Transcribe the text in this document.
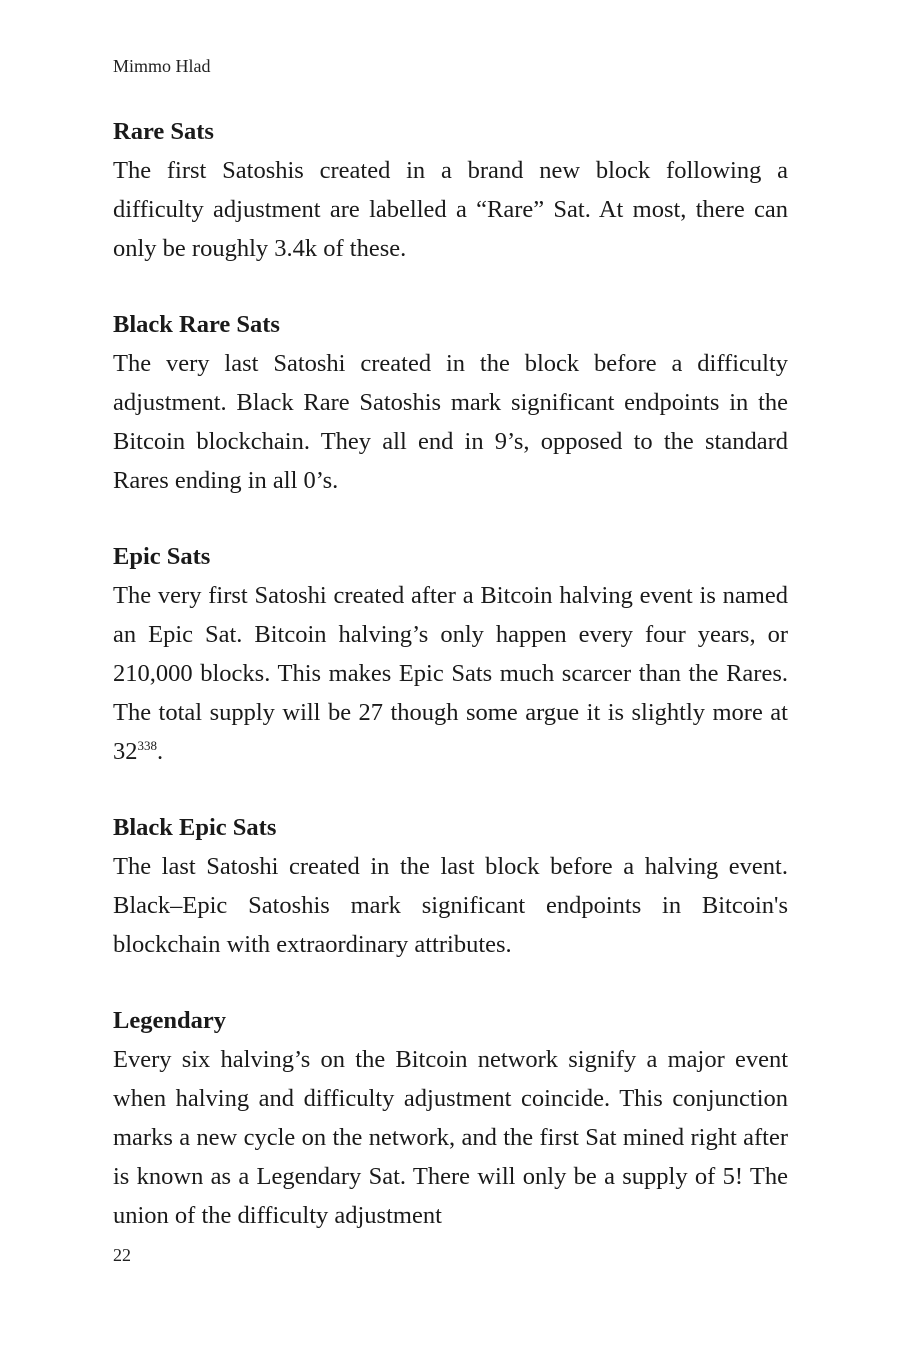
Mimmo Hlad
Rare Sats

The first Satoshis created in a brand new block following a difficulty adjustment are labelled a “Rare” Sat. At most, there can only be roughly 3.4k of these.

Black Rare Sats

The very last Satoshi created in the block before a difficulty adjustment. Black Rare Satoshis mark significant endpoints in the Bitcoin blockchain. They all end in 9’s, opposed to the standard Rares ending in all 0’s.

Epic Sats

The very first Satoshi created after a Bitcoin halving event is named an Epic Sat. Bitcoin halving’s only happen every four years, or 210,000 blocks. This makes Epic Sats much scarcer than the Rares. The total supply will be 27 though some argue it is slightly more at $32^{338}$.

Black Epic Sats

The last Satoshi created in the last block before a halving event. Black–Epic Satoshis mark significant endpoints in Bitcoin's blockchain with extraordinary attributes.

Legendary

Every six halving’s on the Bitcoin network signify a major event when halving and difficulty adjustment coincide. This conjunction marks a new cycle on the network, and the first Sat mined right after is known as a Legendary Sat. There will only be a supply of 5! The union of the difficulty adjustment

22
